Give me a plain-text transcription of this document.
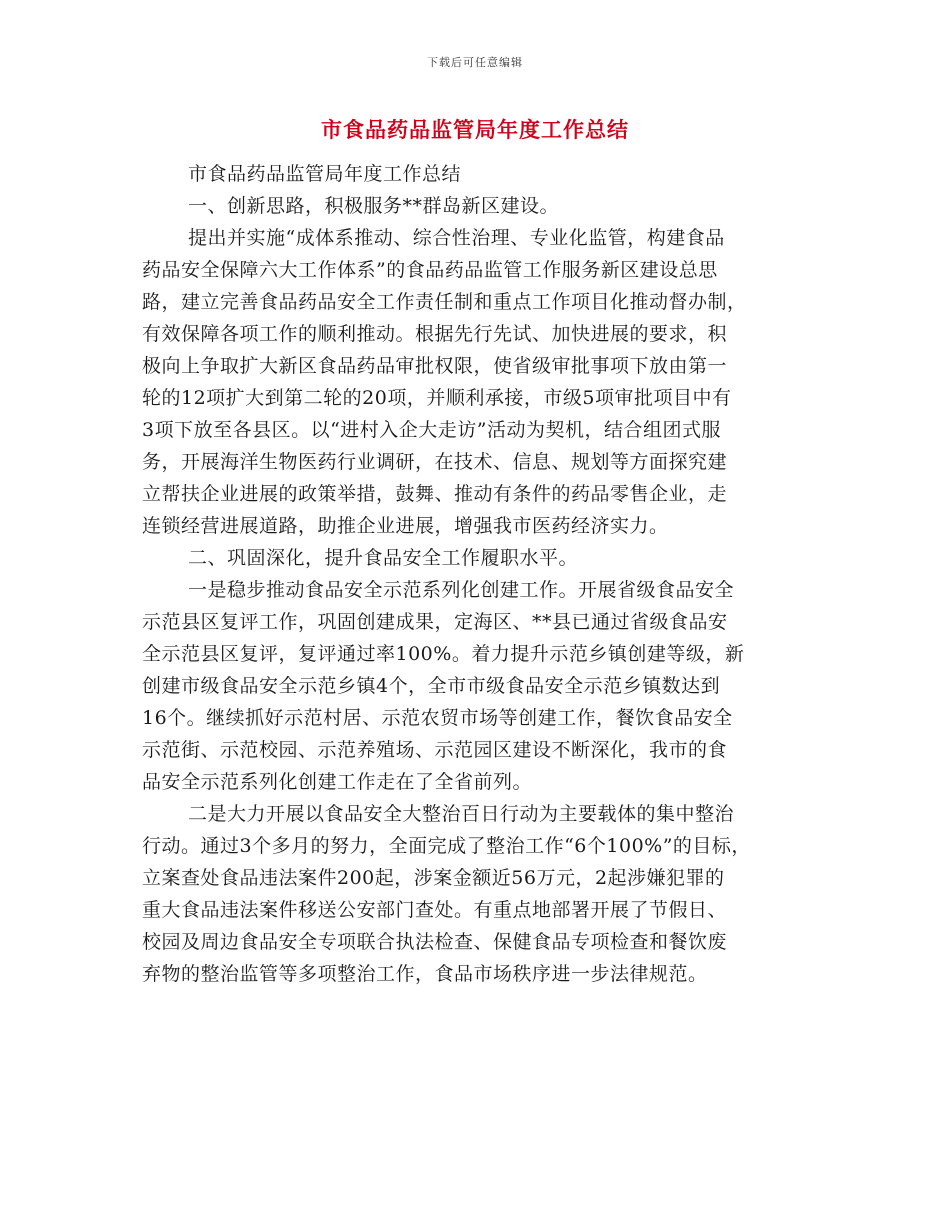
下载后可任意编辑
市食品药品监管局年度工作总结
市食品药品监管局年度工作总结
一、创新思路，积极服务**群岛新区建设。
提出并实施“成体系推动、综合性治理、专业化监管，构建食品
药品安全保障六大工作体系”的食品药品监管工作服务新区建设总思
路，建立完善食品药品安全工作责任制和重点工作项目化推动督办制，
有效保障各项工作的顺利推动。根据先行先试、加快进展的要求，积
极向上争取扩大新区食品药品审批权限，使省级审批事项下放由第一
轮的12项扩大到第二轮的20项，并顺利承接，市级5项审批项目中有
3项下放至各县区。以“进村入企大走访”活动为契机，结合组团式服
务，开展海洋生物医药行业调研，在技术、信息、规划等方面探究建
立帮扶企业进展的政策举措，鼓舞、推动有条件的药品零售企业，走
连锁经营进展道路，助推企业进展，增强我市医药经济实力。
二、巩固深化，提升食品安全工作履职水平。
一是稳步推动食品安全示范系列化创建工作。开展省级食品安全
示范县区复评工作，巩固创建成果，定海区、**县已通过省级食品安
全示范县区复评，复评通过率100%。着力提升示范乡镇创建等级，新
创建市级食品安全示范乡镇4个，全市市级食品安全示范乡镇数达到
16个。继续抓好示范村居、示范农贸市场等创建工作，餐饮食品安全
示范街、示范校园、示范养殖场、示范园区建设不断深化，我市的食
品安全示范系列化创建工作走在了全省前列。
二是大力开展以食品安全大整治百日行动为主要载体的集中整治
行动。通过3个多月的努力，全面完成了整治工作“6个100%”的目标，
立案查处食品违法案件200起，涉案金额近56万元，2起涉嫌犯罪的
重大食品违法案件移送公安部门查处。有重点地部署开展了节假日、
校园及周边食品安全专项联合执法检查、保健食品专项检查和餐饮废
弃物的整治监管等多项整治工作，食品市场秩序进一步法律规范。
